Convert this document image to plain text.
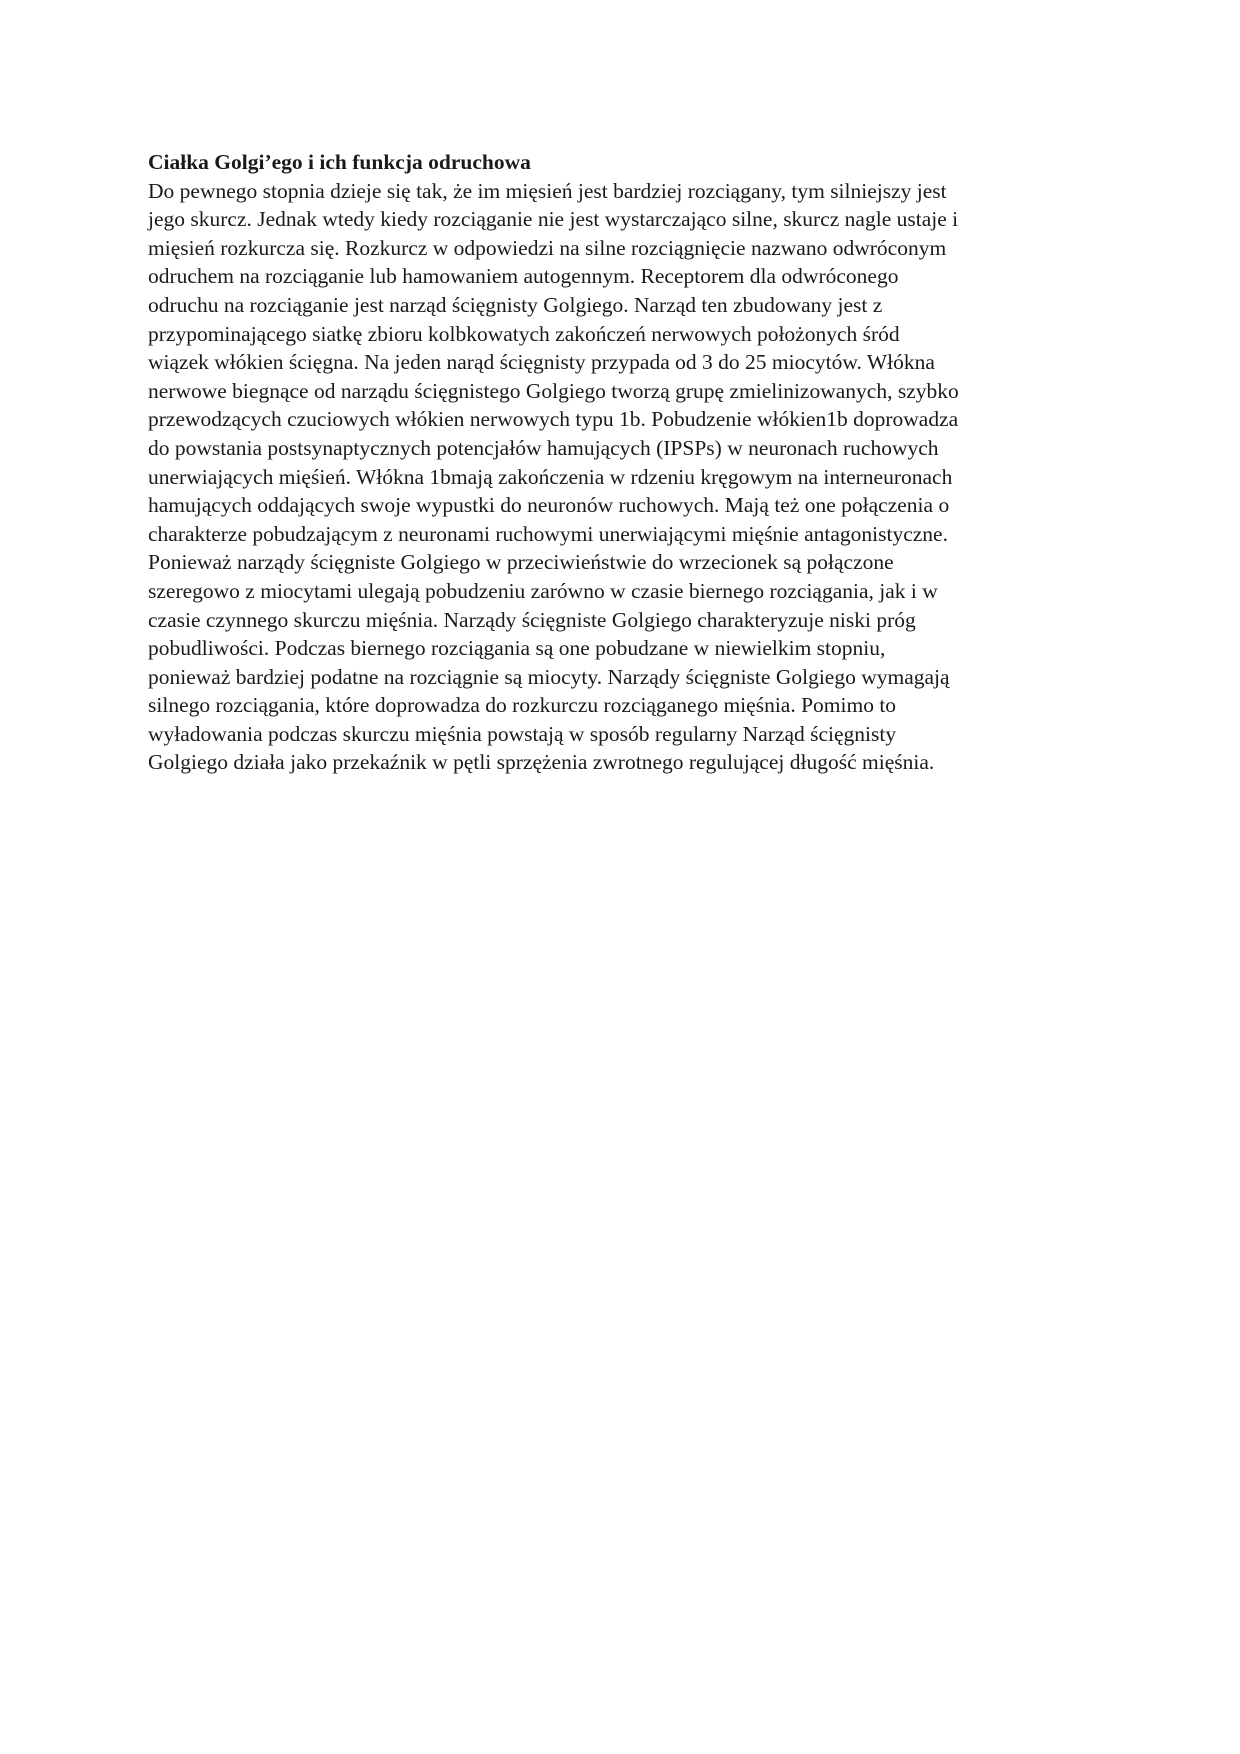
Ciałka Golgi’ego i ich funkcja odruchowa

Do pewnego stopnia dzieje się tak, że im mięsień jest bardziej rozciągany, tym silniejszy jest
jego skurcz. Jednak wtedy kiedy rozciąganie nie jest wystarczająco silne, skurcz nagle ustaje i
mięsień rozkurcza się. Rozkurcz w odpowiedzi na silne rozciągnięcie nazwano odwróconym
odruchem na rozciąganie lub hamowaniem autogennym. Receptorem dla odwróconego
odruchu na rozciąganie jest narząd ścięgnisty Golgiego. Narząd ten zbudowany jest z
przypominającego siatkę zbioru kolbkowatych zakończeń nerwowych położonych śród
wiązek włókien ścięgna. Na jeden narąd ścięgnisty przypada od 3 do 25 miocytów. Włókna
nerwowe biegnące od narządu ścięgnistego Golgiego tworzą grupę zmielinizowanych, szybko
przewodzących czuciowych włókien nerwowych typu 1b. Pobudzenie włókien1b doprowadza
do powstania postsynaptycznych potencjałów hamujących (IPSPs) w neuronach ruchowych
unerwiających mięśień. Włókna 1bmają zakończenia w rdzeniu kręgowym na interneuronach
hamujących oddających swoje wypustki do neuronów ruchowych. Mają też one połączenia o
charakterze pobudzającym z neuronami ruchowymi unerwiającymi mięśnie antagonistyczne.
Ponieważ narządy ścięgniste Golgiego w przeciwieństwie do wrzecionek są połączone
szeregowo z miocytami ulegają pobudzeniu zarówno w czasie biernego rozciągania, jak i w
czasie czynnego skurczu mięśnia. Narządy ścięgniste Golgiego charakteryzuje niski próg
pobudliwości. Podczas biernego rozciągania są one pobudzane w niewielkim stopniu,
ponieważ bardziej podatne na rozciągnie są miocyty. Narządy ścięgniste Golgiego wymagają
silnego rozciągania, które doprowadza do rozkurczu rozciąganego mięśnia. Pomimo to
wyładowania podczas skurczu mięśnia powstają w sposób regularny Narząd ścięgnisty
Golgiego działa jako przekaźnik w pętli sprzężenia zwrotnego regulującej długość mięśnia.
